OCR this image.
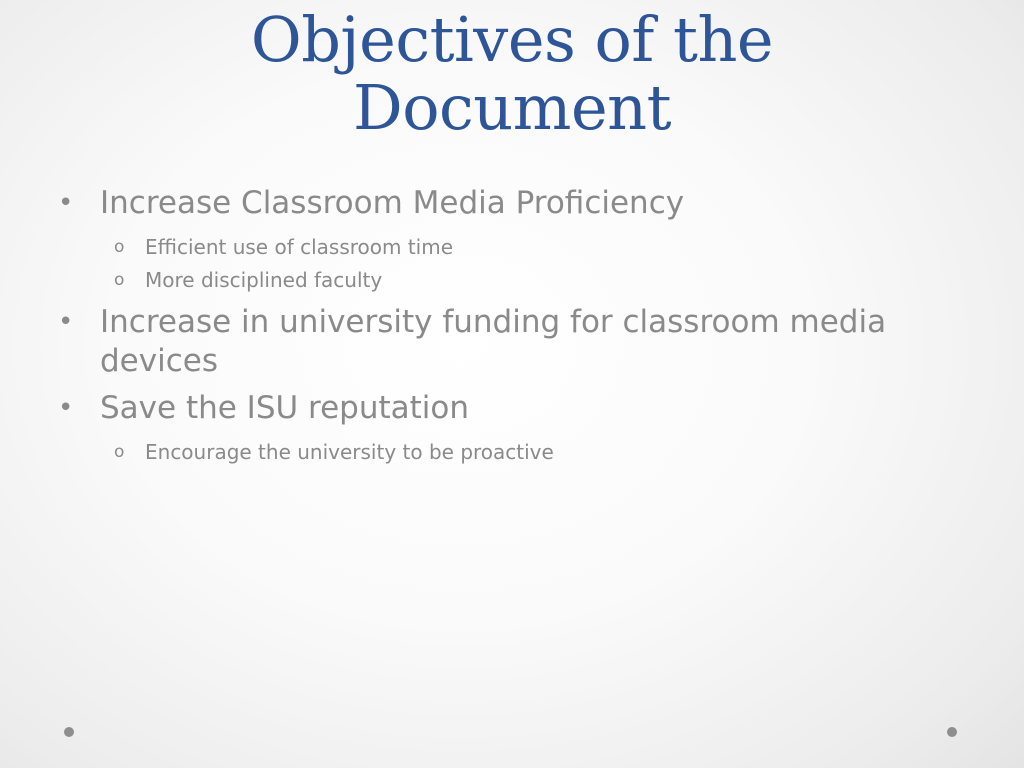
Objectives of the
Document
• Increase Classroom Media Proficiency
o Efficient use of classroom time
o More disciplined faculty
• Increase in university funding for classroom media devices
• Save the ISU reputation
o Encourage the university to be proactive
